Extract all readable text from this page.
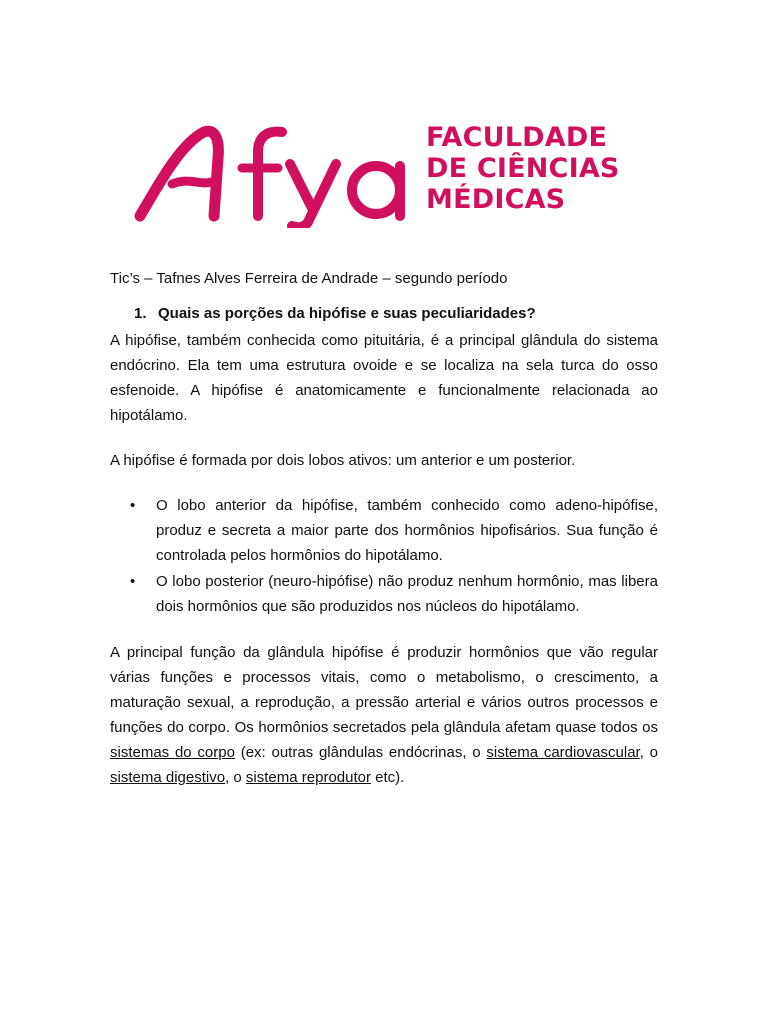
FACULDADE
DE CIÊNCIAS
MÉDICAS

Tic’s – Tafnes Alves Ferreira de Andrade – segundo período

1. Quais as porções da hipófise e suas peculiaridades?

A hipófise, também conhecida como pituitária, é a principal glândula do sistema endócrino. Ela tem uma estrutura ovoide e se localiza na sela turca do osso esfenoide. A hipófise é anatomicamente e funcionalmente relacionada ao hipotálamo.

A hipófise é formada por dois lobos ativos: um anterior e um posterior.

• O lobo anterior da hipófise, também conhecido como adeno-hipófise, produz e secreta a maior parte dos hormônios hipofisários. Sua função é controlada pelos hormônios do hipotálamo.
• O lobo posterior (neuro-hipófise) não produz nenhum hormônio, mas libera dois hormônios que são produzidos nos núcleos do hipotálamo.

A principal função da glândula hipófise é produzir hormônios que vão regular várias funções e processos vitais, como o metabolismo, o crescimento, a maturação sexual, a reprodução, a pressão arterial e vários outros processos e funções do corpo. Os hormônios secretados pela glândula afetam quase todos os sistemas do corpo (ex: outras glândulas endócrinas, o sistema cardiovascular, o sistema digestivo, o sistema reprodutor etc).
